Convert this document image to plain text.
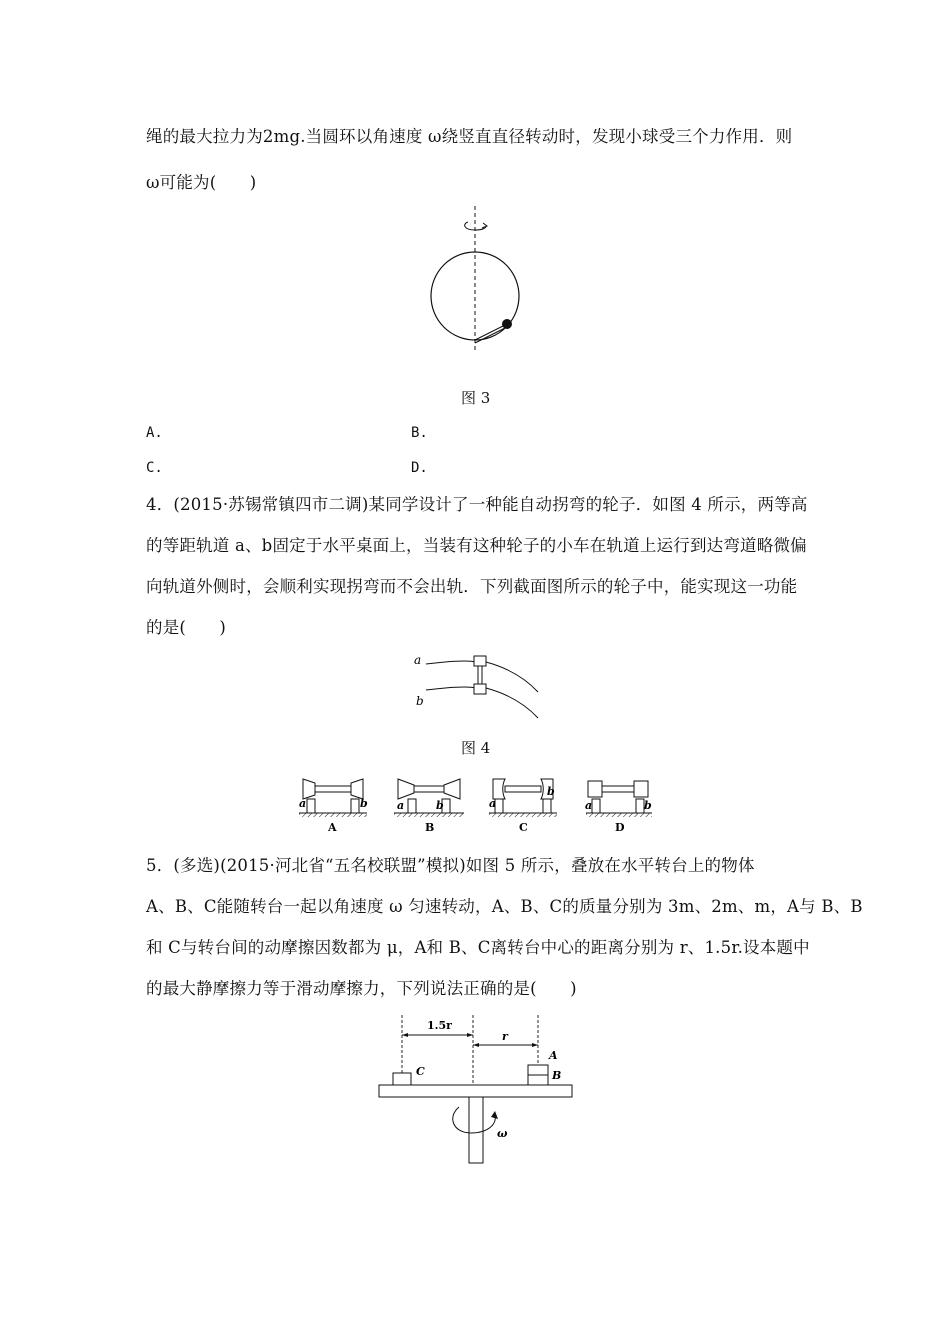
绳的最大拉力为2mg.当圆环以角速度 ω绕竖直直径转动时，发现小球受三个力作用．则
ω可能为(　　)
图 3
A.	B.
C.	D.
4．(2015·苏锡常镇四市二调)某同学设计了一种能自动拐弯的轮子．如图 4 所示，两等高
的等距轨道 a、b固定于水平桌面上，当装有这种轮子的小车在轨道上运行到达弯道略微偏
向轨道外侧时，会顺利实现拐弯而不会出轨．下列截面图所示的轮子中，能实现这一功能
的是(　　)
a
b
图 4
a	b
A
a	b
B
a
b
C
a	b
D
5．(多选)(2015·河北省“五名校联盟”模拟)如图 5 所示，叠放在水平转台上的物体
A、B、C能随转台一起以角速度 ω 匀速转动，A、B、C的质量分别为 3m、2m、m，A与 B、B
和 C与转台间的动摩擦因数都为 μ，A和 B、C离转台中心的距离分别为 r、1.5r.设本题中
的最大静摩擦力等于滑动摩擦力，下列说法正确的是(　　)
1.5r
r
C
A
B
ω
